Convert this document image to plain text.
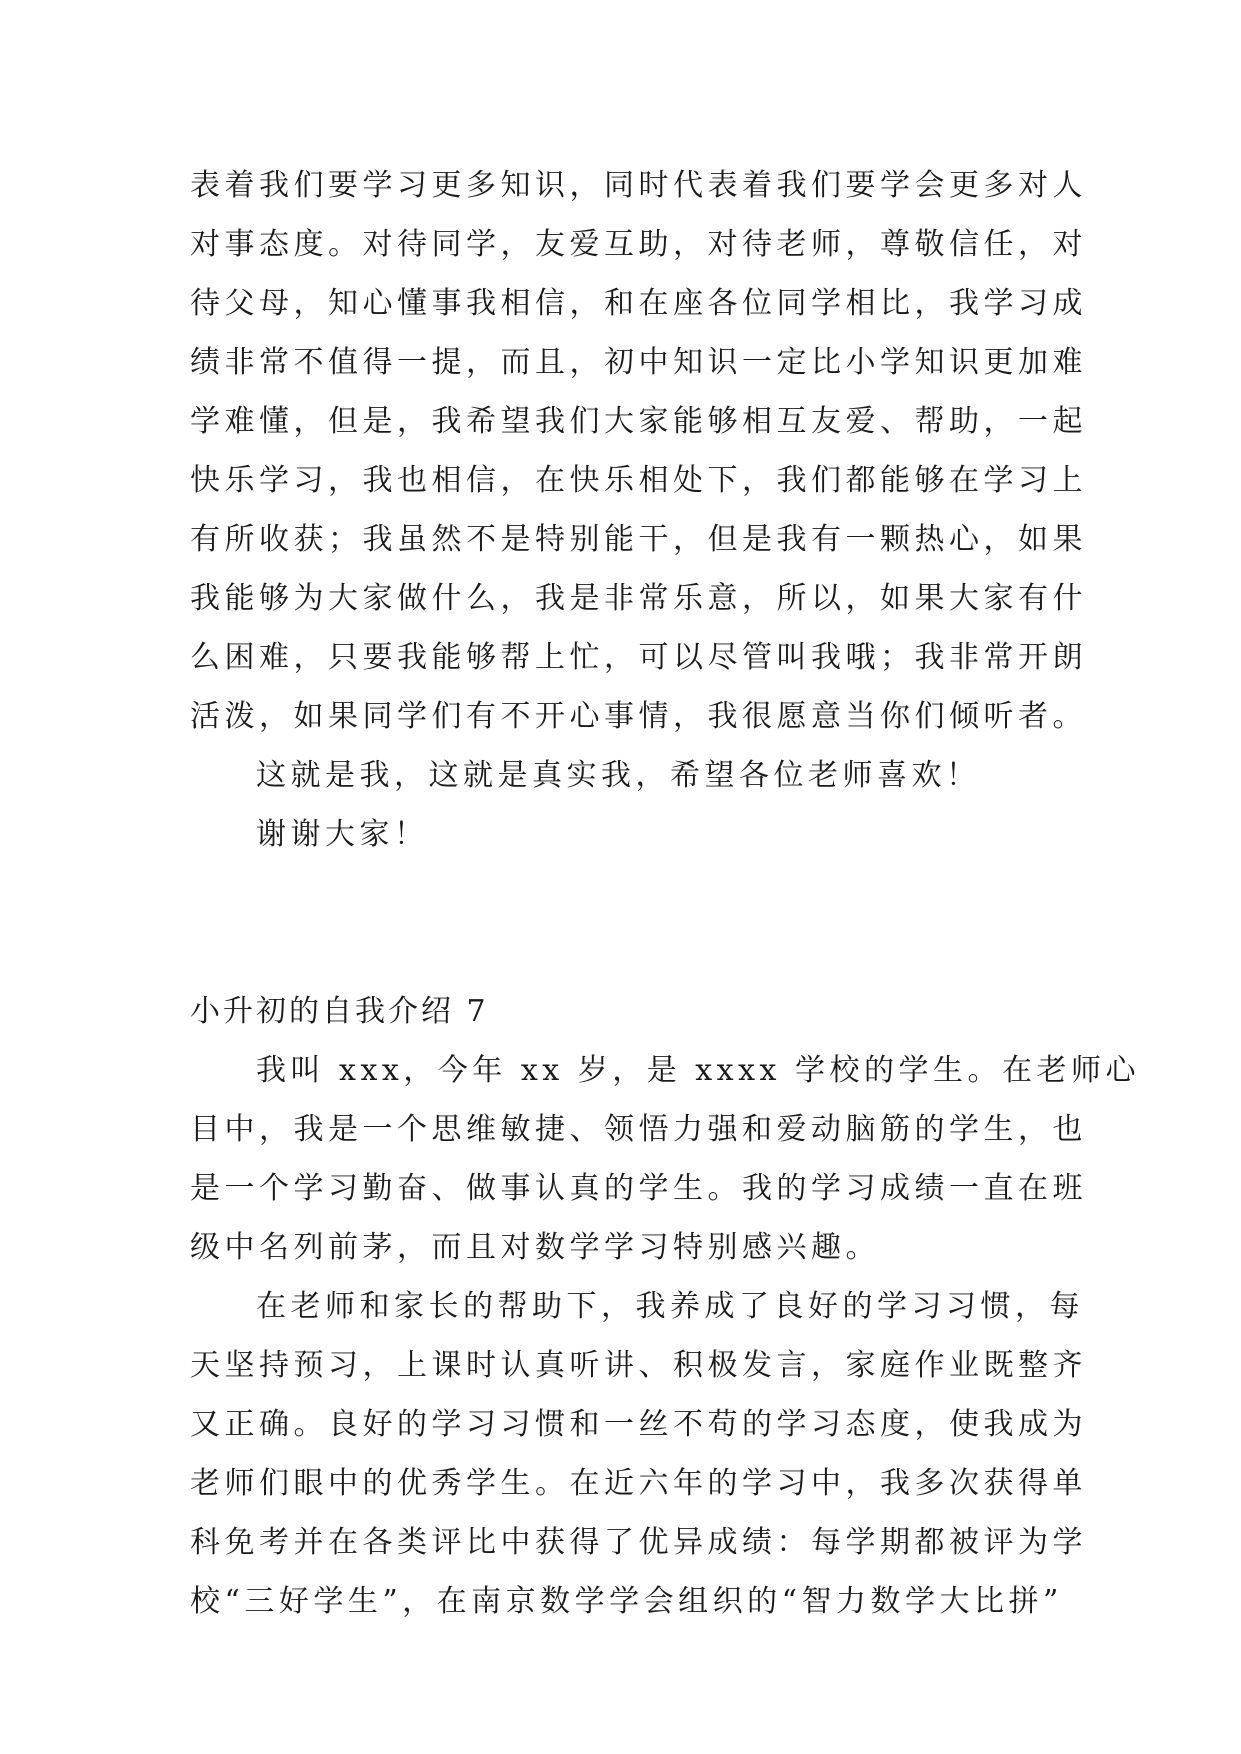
表着我们要学习更多知识，同时代表着我们要学会更多对人
对事态度。对待同学，友爱互助，对待老师，尊敬信任，对
待父母，知心懂事我相信，和在座各位同学相比，我学习成
绩非常不值得一提，而且，初中知识一定比小学知识更加难
学难懂，但是，我希望我们大家能够相互友爱、帮助，一起
快乐学习，我也相信，在快乐相处下，我们都能够在学习上
有所收获；我虽然不是特别能干，但是我有一颗热心，如果
我能够为大家做什么，我是非常乐意，所以，如果大家有什
么困难，只要我能够帮上忙，可以尽管叫我哦；我非常开朗
活泼，如果同学们有不开心事情，我很愿意当你们倾听者。
这就是我，这就是真实我，希望各位老师喜欢！
谢谢大家！
小升初的自我介绍 7
我叫 xxx，今年 xx 岁，是 xxxx 学校的学生。在老师心
目中，我是一个思维敏捷、领悟力强和爱动脑筋的学生，也
是一个学习勤奋、做事认真的学生。我的学习成绩一直在班
级中名列前茅，而且对数学学习特别感兴趣。
在老师和家长的帮助下，我养成了良好的学习习惯，每
天坚持预习，上课时认真听讲、积极发言，家庭作业既整齐
又正确。良好的学习习惯和一丝不苟的学习态度，使我成为
老师们眼中的优秀学生。在近六年的学习中，我多次获得单
科免考并在各类评比中获得了优异成绩：每学期都被评为学
校“三好学生”，在南京数学学会组织的“智力数学大比拼”
